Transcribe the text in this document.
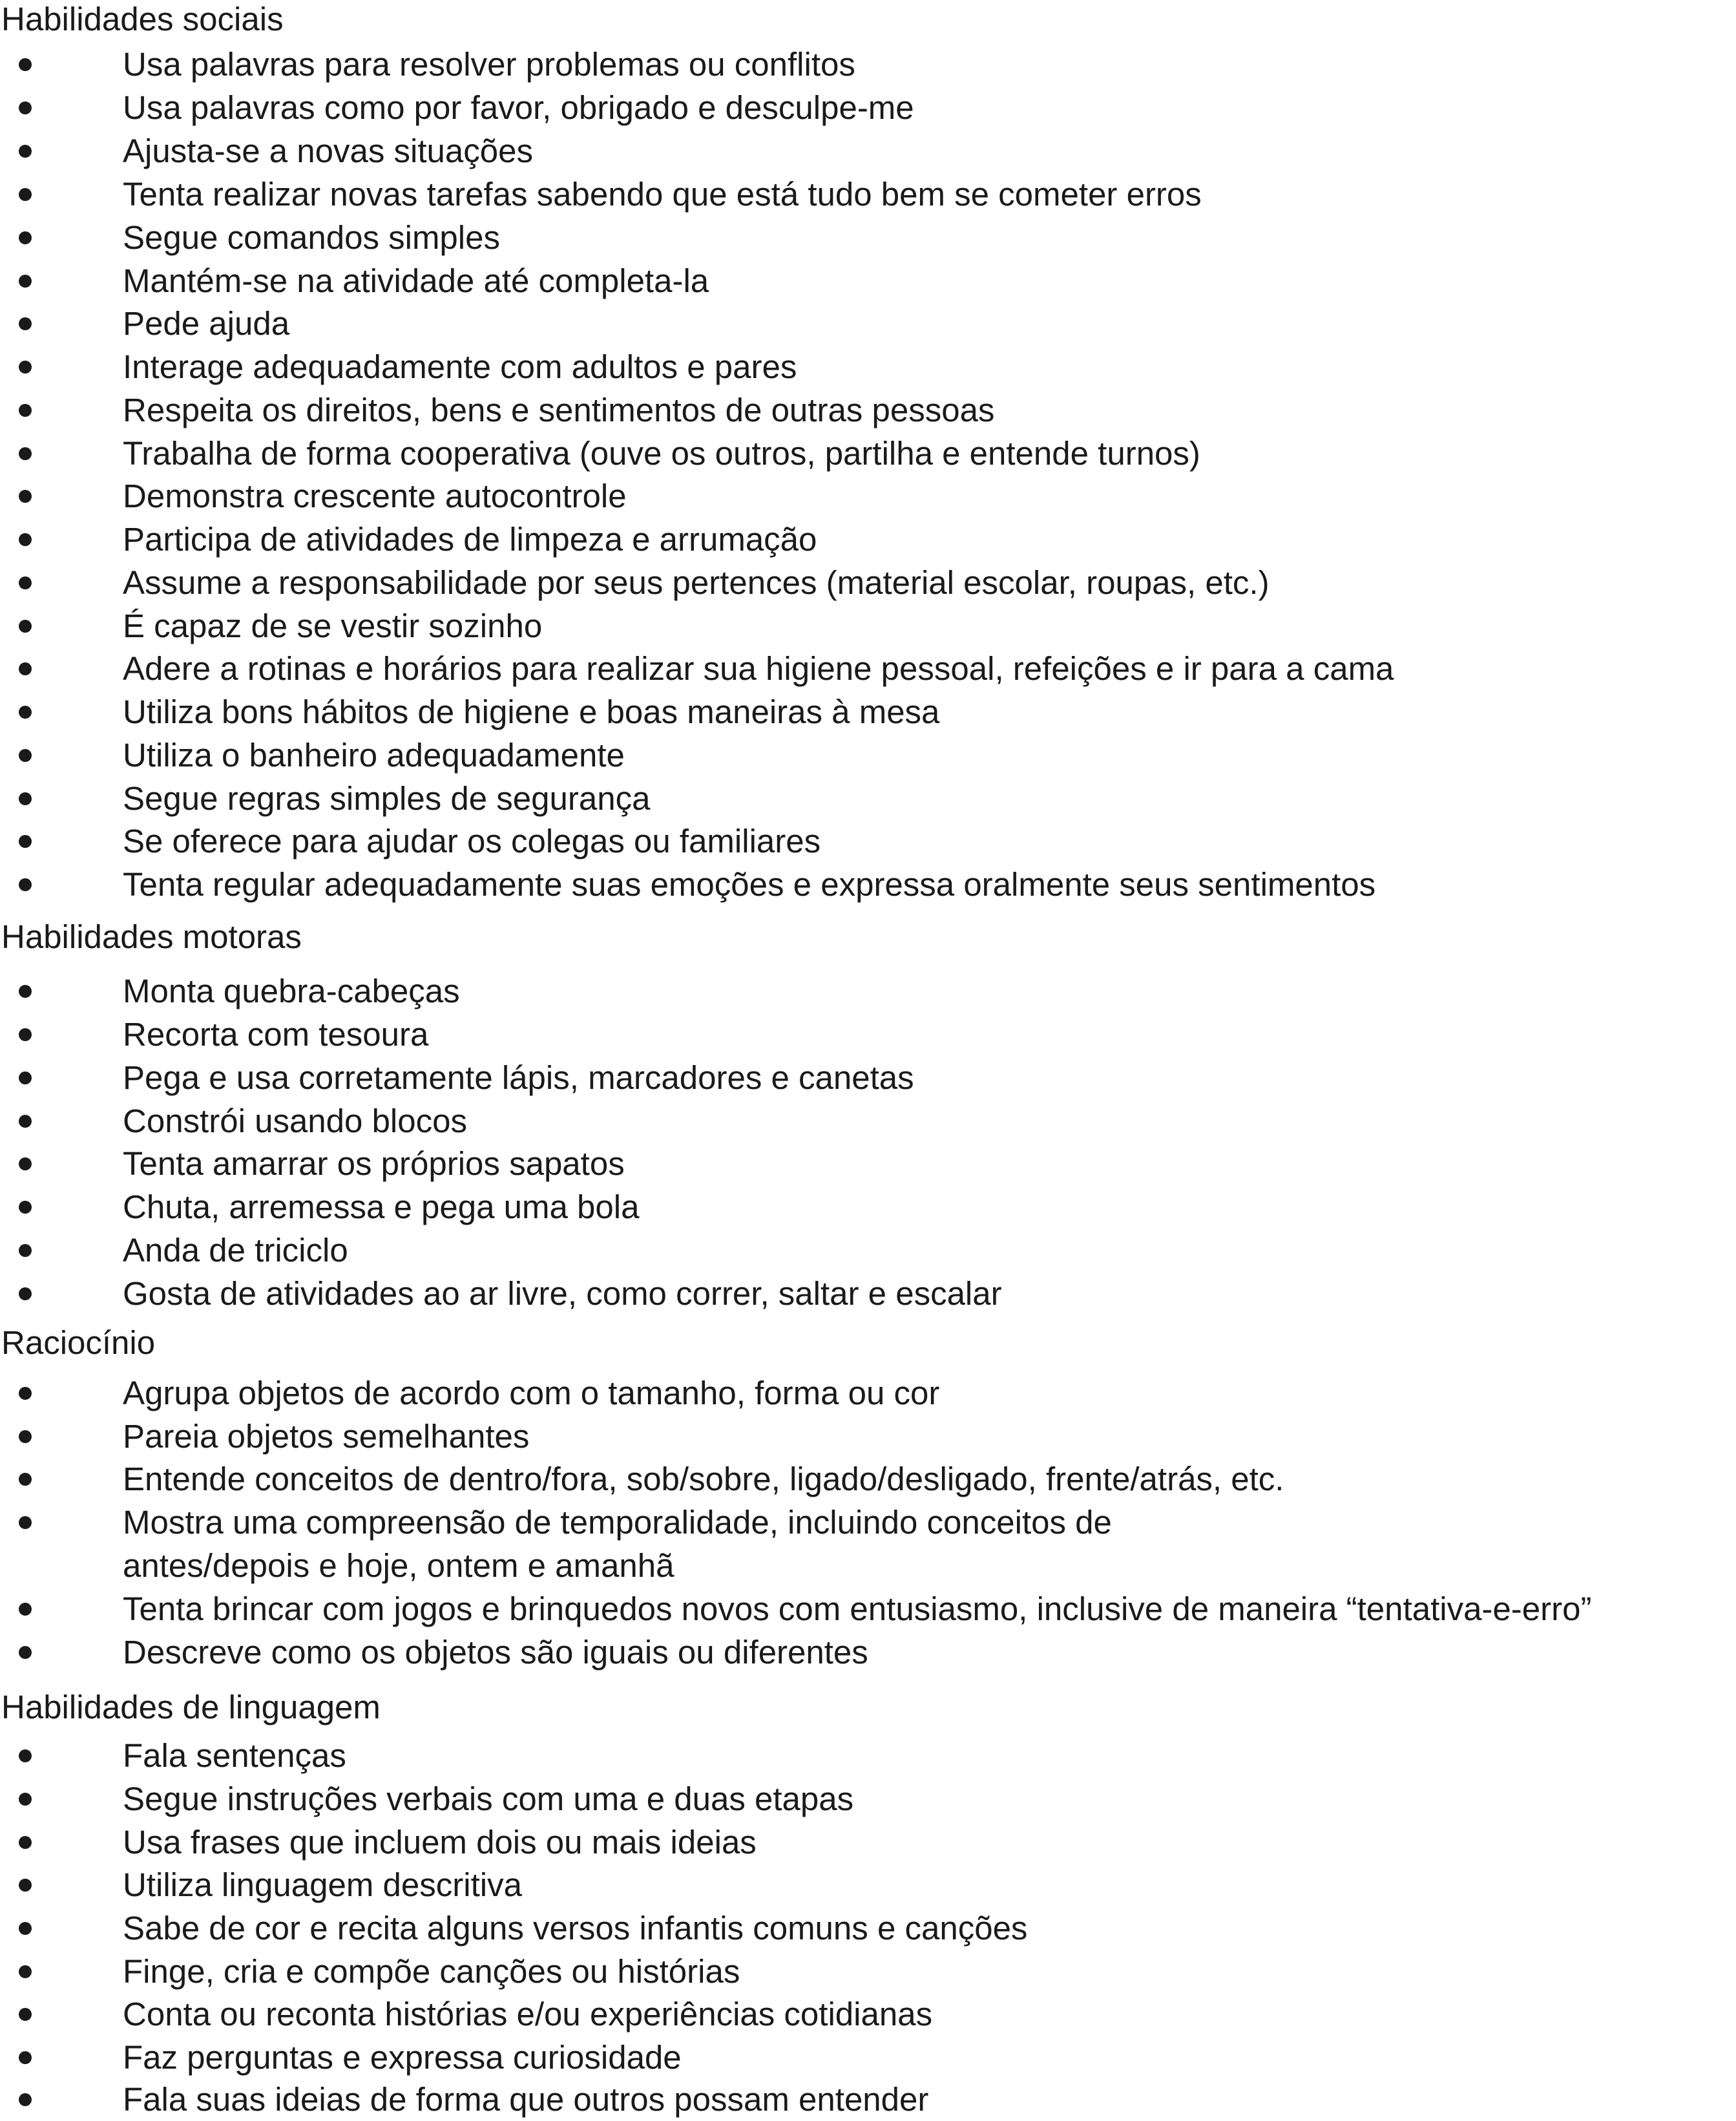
Habilidades sociais
Usa palavras para resolver problemas ou conflitos
Usa palavras como por favor, obrigado e desculpe-me
Ajusta-se a novas situações
Tenta realizar novas tarefas sabendo que está tudo bem se cometer erros
Segue comandos simples
Mantém-se na atividade até completa-la
Pede ajuda
Interage adequadamente com adultos e pares
Respeita os direitos, bens e sentimentos de outras pessoas
Trabalha de forma cooperativa (ouve os outros, partilha e entende turnos)
Demonstra crescente autocontrole
Participa de atividades de limpeza e arrumação
Assume a responsabilidade por seus pertences (material escolar, roupas, etc.)
É capaz de se vestir sozinho
Adere a rotinas e horários para realizar sua higiene pessoal, refeições e ir para a cama
Utiliza bons hábitos de higiene e boas maneiras à mesa
Utiliza o banheiro adequadamente
Segue regras simples de segurança
Se oferece para ajudar os colegas ou familiares
Tenta regular adequadamente suas emoções e expressa oralmente seus sentimentos
Habilidades motoras
Monta quebra-cabeças
Recorta com tesoura
Pega e usa corretamente lápis, marcadores e canetas
Constrói usando blocos
Tenta amarrar os próprios sapatos
Chuta, arremessa e pega uma bola
Anda de triciclo
Gosta de atividades ao ar livre, como correr, saltar e escalar
Raciocínio
Agrupa objetos de acordo com o tamanho, forma ou cor
Pareia objetos semelhantes
Entende conceitos de dentro/fora, sob/sobre, ligado/desligado, frente/atrás, etc.
Mostra uma compreensão de temporalidade, incluindo conceitos de antes/depois e hoje, ontem e amanhã
Tenta brincar com jogos e brinquedos novos com entusiasmo, inclusive de maneira “tentativa-e-erro”
Descreve como os objetos são iguais ou diferentes
Habilidades de linguagem
Fala sentenças
Segue instruções verbais com uma e duas etapas
Usa frases que incluem dois ou mais ideias
Utiliza linguagem descritiva
Sabe de cor e recita alguns versos infantis comuns e canções
Finge, cria e compõe canções ou histórias
Conta ou reconta histórias e/ou experiências cotidianas
Faz perguntas e expressa curiosidade
Fala suas ideias de forma que outros possam entender
